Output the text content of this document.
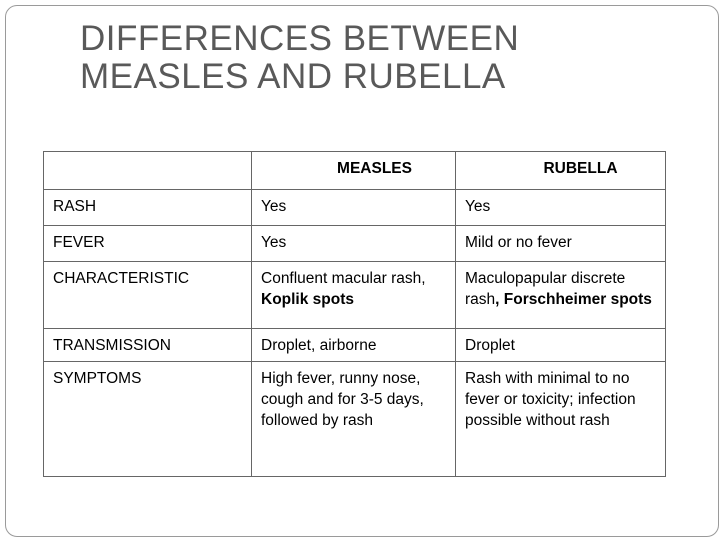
DIFFERENCES BETWEEN
MEASLES AND RUBELLA
	MEASLES	RUBELLA
RASH	Yes	Yes
FEVER	Yes	Mild or no fever
CHARACTERISTIC	Confluent macular rash, Koplik spots	Maculopapular discrete rash, Forschheimer spots
TRANSMISSION	Droplet, airborne	Droplet
SYMPTOMS	High fever, runny nose, cough and for 3-5 days, followed by rash	Rash with minimal to no fever or toxicity; infection possible without rash
